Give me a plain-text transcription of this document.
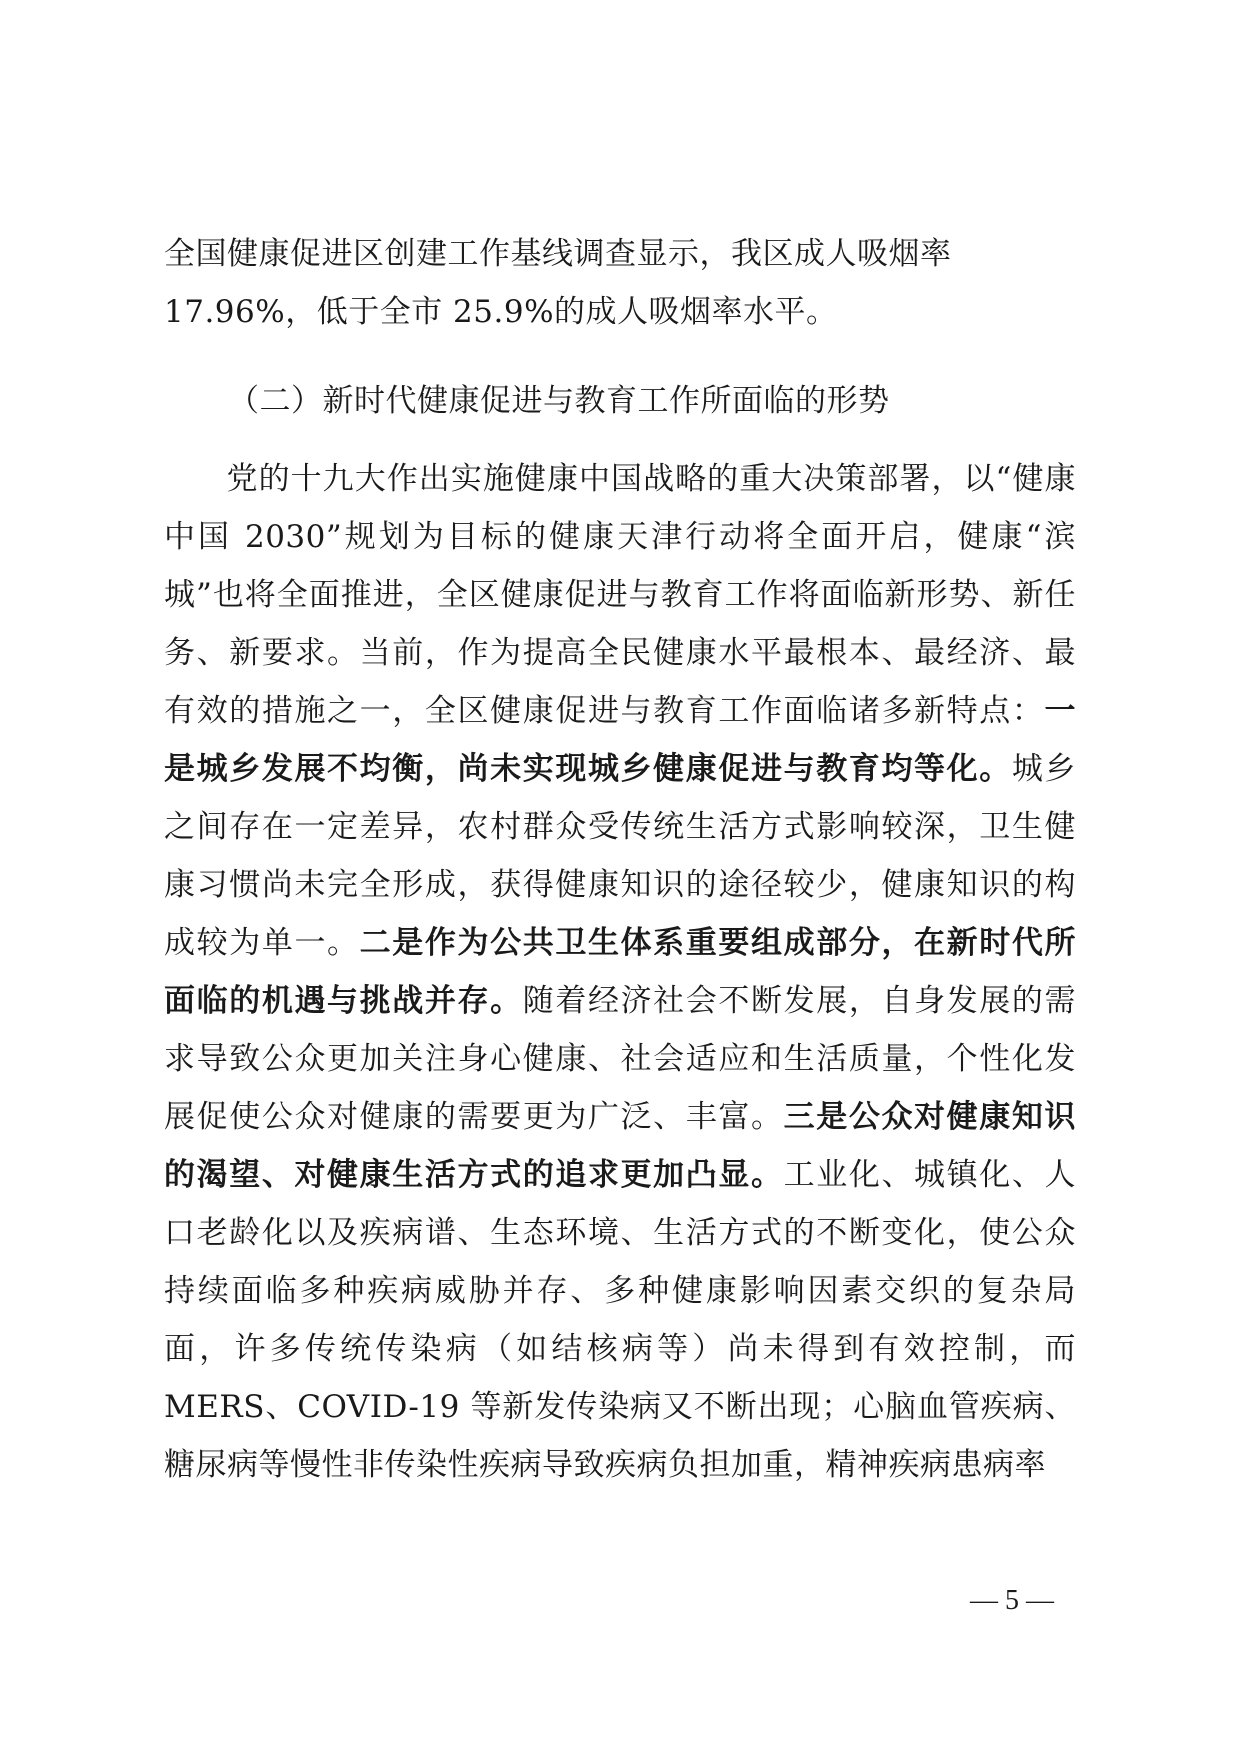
全国健康促进区创建工作基线调查显示，我区成人吸烟率
17.96%，低于全市 25.9%的成人吸烟率水平。
（二）新时代健康促进与教育工作所面临的形势
党的十九大作出实施健康中国战略的重大决策部署，以“健康中国 2030”规划为目标的健康天津行动将全面开启，健康“滨城”也将全面推进，全区健康促进与教育工作将面临新形势、新任务、新要求。当前，作为提高全民健康水平最根本、最经济、最有效的措施之一，全区健康促进与教育工作面临诸多新特点：一是城乡发展不均衡，尚未实现城乡健康促进与教育均等化。城乡之间存在一定差异，农村群众受传统生活方式影响较深，卫生健康习惯尚未完全形成，获得健康知识的途径较少，健康知识的构成较为单一。二是作为公共卫生体系重要组成部分，在新时代所面临的机遇与挑战并存。随着经济社会不断发展，自身发展的需求导致公众更加关注身心健康、社会适应和生活质量，个性化发展促使公众对健康的需要更为广泛、丰富。三是公众对健康知识的渴望、对健康生活方式的追求更加凸显。工业化、城镇化、人口老龄化以及疾病谱、生态环境、生活方式的不断变化，使公众持续面临多种疾病威胁并存、多种健康影响因素交织的复杂局面，许多传统传染病（如结核病等）尚未得到有效控制，而 MERS、COVID-19 等新发传染病又不断出现；心脑血管疾病、糖尿病等慢性非传染性疾病导致疾病负担加重，精神疾病患病率
— 5 —
